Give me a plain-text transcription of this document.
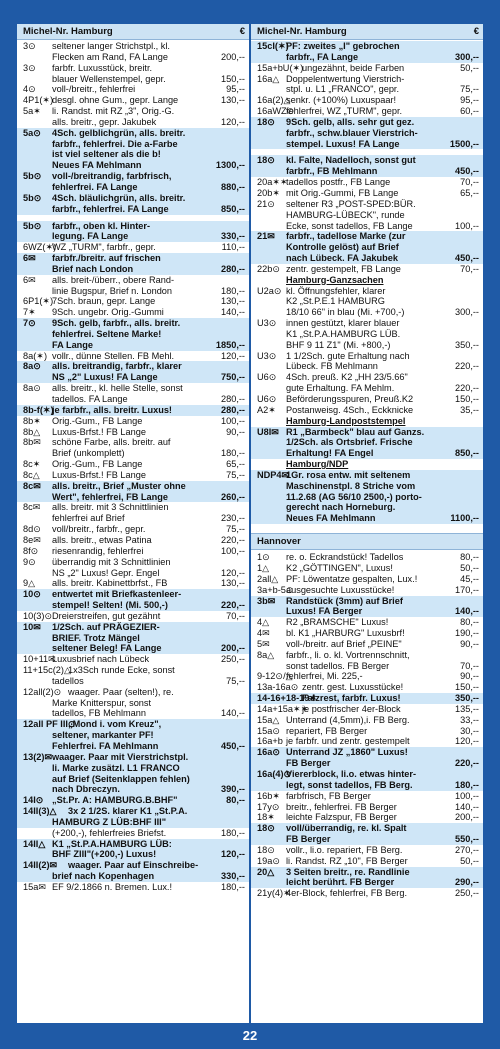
Michel-Nr. Hamburg	€
3⊙	seltener langer Strichstpl., kl.
Flecken am Rand, FA Lange	200,--
3⊙	farbfr. Luxusstück, breitr.
blauer Wellenstempel, gepr.	150,--
4⊙	voll-/breitr., fehlerfrei	95,--
4P1(✶)
desgl. ohne Gum., gepr. Lange	130,--
5a✶	li. Randst. mit RZ „3", Orig.-G.
alls. breitr., gepr. Jakubek	120,--
5a⊙	4Sch. gelblichgrün, alls. breitr.
farbfr., fehlerfrei. Die a-Farbe
ist viel seltener als die b!
Neues FA Mehlmann	1300,--
5b⊙	voll-/breitrandig, farbfrisch,
fehlerfrei. FA Lange	880,--
5b⊙	4Sch. bläulichgrün, alls. breitr.
farbfr., fehlerfrei. FA Lange	850,--
5b⊙	farbfr., oben kl. Hinter-
legung. FA Lange	330,--
6WZ(✶)
WZ „TURM", farbfr., gepr.	110,--
6✉	farbfr./breitr. auf frischen
Brief nach London	280,--
6✉	alls. breit-/überr., obere Rand-
linie Bugspur, Brief n. London	180,--
6P1(✶)
7Sch. braun, gepr. Lange	130,--
7✶	9Sch. ungebr. Orig.-Gummi	140,--
7⊙	9Sch. gelb, farbfr., alls. breitr.
fehlerfrei. Seltene Marke!
FA Lange	1850,--
8a(✶) vollr., dünne Stellen. FB Mehl.	120,--
8a⊙	alls. breitrandig, farbfr., klarer
NS „2" Luxus! FA Lange	750,--
8a⊙	alls. breitr., kl. helle Stelle, sonst
tadellos. FA Lange	280,--
8b-f(✶)
je farbfr., alls. breitr. Luxus!	280,--
8b✶	Orig.-Gum., FB Lange	100,--
8b△	Luxus-Brfst.! FB Lange	90,--
8b✉	schöne Farbe, alls. breitr. auf
Brief (unkomplett)	180,--
8c✶	Orig.-Gum., FB Lange	65,--
8c△	Luxus-Brfst.! FB Lange	75,--
8c✉	alls. breitr., Brief „Muster ohne
Wert", fehlerfrei, FB Lange	260,--
8c✉	alls. breitr. mit 3 Schnittlinien
fehlerfrei auf Brief	230,--
8d⊙	voll/breitr., farbfr., gepr.	75,--
8e✉	alls. breitr., etwas Patina	220,--
8f⊙	riesenrandig, fehlerfrei	100,--
9⊙	überrandig mit 3 Schnittlinien
NS „2" Luxus! Gepr. Engel	120,--
9△	alls. breitr. Kabinettbrfst., FB	130,--
10⊙	entwertet mit Briefkastenleer-
stempel! Selten! (Mi. 500,-)	220,--
10(3)⊙ Dreierstreifen, gut gezähnt	70,--
10✉	1/2Sch. auf PRÄGEZIER-
BRIEF. Trotz Mängel
seltener Beleg! FA Lange	200,--
10+11✉
Luxusbrief nach Lübeck	250,--
11+15c(2)△
1x3Sch runde Ecke, sonst
tadellos	75,--
12all(2)⊙ waager. Paar (selten!), re.
Marke Knitterspur, sonst
tadellos, FB Mehlmann	140,--
12all PF III⊙
„Mond i. vom Kreuz",
seltener, markanter PF!
Fehlerfrei. FA Mehlmann	450,--
13(2)✉ waager. Paar mit Vierstrichstpl.
li. Marke zusätzl. L1 FRANCO
auf Brief (Seitenklappen fehlen)
nach Dbreczyn.	390,--
14I⊙ „St.Pr. A: HAMBURG.B.BHF"	80,--
14II(3)△	3x 2 1/2S. klarer K1 „St.P.A.
HAMBURG Z LÜB:BHF III"
(+200,-), fehlerfreies Briefst.	180,--
14II△ K1 „St.P.A.HAMBURG LÜB:
BHF ZIII"(+200,-) Luxus!	120,--
14II(2)✉	waager. Paar auf Einschreibe-
brief nach Kopenhagen	330,--
15a✉ EF 9/2.1866 n. Bremen. Lux.!	180,--
Michel-Nr. Hamburg	€
15cI(✶)
PF: zweites „I" gebrochen
farbfr., FA Lange	300,--
15a+bU(✶)
ungezähnt, beide Farben	50,--
16a△ Doppelentwertung Vierstrich-
stpl. u. L1 „FRANCO", gepr.	75,--
16a(2)△
senkr. (+100%) Luxuspaar!	95,--
16aWZ⊙
fehlerfrei, WZ „TURM", gepr.	60,--
18⊙	9Sch. gelb, alls. sehr gut gez.
farbfr., schw.blauer Vierstrich-
stempel. Luxus! FA Lange	1500,--
18⊙	kl. Falte, Nadelloch, sonst gut
farbfr., FB Mehlmann	450,--
20a✶✶
tadellos postfr., FB Lange	70,--
20b✶ mit Orig.-Gummi, FB Lange	65,--
21⊙	seltener R3 „POST-SPED:BÜR.
HAMBURG-LÜBECK", runde
Ecke, sonst tadellos, FB Lange	100,--
21✉	farbfr., tadellose Marke (zur
Kontrolle gelöst) auf Brief
nach Lübeck. FA Jakubek	450,--
22b⊙ zentr. gestempelt, FB Lange	70,--
Hamburg-Ganzsachen
U2a⊙ kl. Öffnungsfehler, klarer
K2 „St.P.E.1 HAMBURG
18/10 66" in blau (Mi. +700,-)	300,--
U3⊙	innen gestützt, klarer blauer
K1 „St.P.A.HAMBURG LÜB.
BHF 9 11 Z1" (Mi. +800,-)	350,--
U3⊙	1 1/2Sch. gute Erhaltung nach
Lübeck. FB Mehlmann	220,--
U6⊙	4Sch. preuß. K2 „HH 23/5.66"
gute Erhaltung. FA Mehlm.	220,--
U6⊙	Beförderungsspuren, Preuß.K2	150,--
A2✶	Postanweisg. 4Sch., Eckknicke	35,--
Hamburg-Landpoststempel
U8I✉ R1 „Barmbeck" blau auf Ganzs.
1/2Sch. als Ortsbrief. Frische
Erhaltung! FA Engel	850,--
Hamburg/NDP
NDP4✉
1Gr. rosa entw. mit seltenem
Maschinenstpl. 8 Striche vom
11.2.68 (AG 56/10 2500,-) porto-
gerecht nach Horneburg.
Neues FA Mehlmann	1100,--
Hannover
1⊙	re. o. Eckrandstück! Tadellos	80,--
1△	K2 „GÖTTINGEN", Luxus!	50,--
2all△ PF: Löwentatze gespalten, Lux.!	45,--
3a+b-5⊙
ausgesuchte Luxusstücke!	170,--
3b✉	Randstück (3mm) auf Brief
Luxus! FA Berger	140,--
4△	R2 „BRAMSCHE" Luxus!	80,--
4✉	bl. K1 „HARBURG" Luxusbrf!	190,--
5✉	voll-/breitr. auf Brief „PEINE"	90,--
8a△	farbfr., li. o. kl. Vortrennschnitt,
sonst tadellos. FB Berger	70,--
9-12⊙/△
fehlerfrei, Mi. 225,-	90,--
13a-16a⊙ zentr. gest. Luxusstücke!	150,--
14-16+18-19✶
Falzrest, farbfr. Luxus!	350,--
14a+15a✶✶
je postfrischer 4er-Block	135,--
15a△ Unterrand (4,5mm),i. FB Berg.	33,--
15a⊙ repariert, FB Berger	30,--
16a+b je farbfr. und zentr. gestempelt	120,--
16a⊙ Unterrand JZ „1860" Luxus!
FB Berger	220,--
16a(4)⊙
Viererblock, li.o. etwas hinter-
legt, sonst tadellos, FB Berg.	180,--
16b✶ farbfrisch, FB Berger	100,--
17y⊙ breitr., fehlerfrei. FB Berger	140,--
18✶	leichte Falzspur, FB Berger	200,--
18⊙	voll/überrandig, re. kl. Spalt
FB Berger	550,--
18⊙	vollr., li.o. repariert, FB Berg.	270,--
19a⊙ li. Randst. RZ „10", FB Berger	50,--
20△	3 Seiten breitr., re. Randlinie
leicht berührt. FB Berger	290,--
21y(4)✶
4er-Block, fehlerfrei, FB Berg.	250,--
22
